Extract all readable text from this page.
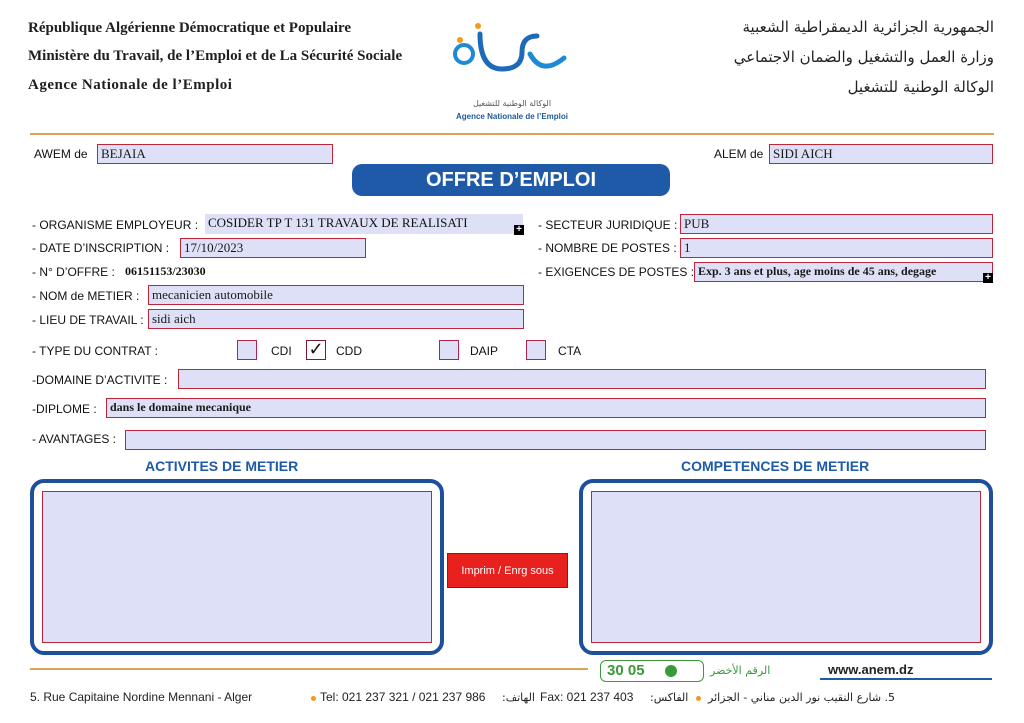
République Algérienne Démocratique et Populaire
Ministère du Travail, de l’Emploi et de La Sécurité Sociale
Agence Nationale de l’Emploi
الجمهورية الجزائرية الديمقراطية الشعبية
وزارة العمل والتشغيل والضمان الاجتماعي
الوكالة الوطنية للتشغيل
الوكالة الوطنية للتشغيل
Agence Nationale de l’Emploi
AWEM de	BEJAIA	ALEM de SIDI AICH
OFFRE D’EMPLOI
- ORGANISME EMPLOYEUR : COSIDER TP T 131 TRAVAUX DE REALISATI	+
- DATE D’INSCRIPTION :	17/10/2023
- N° D’OFFRE : 06151153/23030
- NOM de METIER : mecanicien automobile
- LIEU DE TRAVAIL : sidi aich
- SECTEUR JURIDIQUE : PUB
- NOMBRE DE POSTES : 1
- EXIGENCES DE POSTES : Exp. 3 ans et plus, age moins de 45 ans, degage	+
- TYPE DU CONTRAT :	CDI ✓ CDD	DAIP	CTA
-DOMAINE D’ACTIVITE :
-DIPLOME :	dans le domaine mecanique
- AVANTAGES :
ACTIVITES DE METIER	COMPETENCES DE METIER
Imprim / Enrg sous
30 05	الرقم الأخضر	www.anem.dz
5. Rue Capitaine Nordine Mennani - Alger	Tel: 021 237 321 / 021 237 986 الهاتف: Fax: 021 237 403 الفاكس: 5. شارع النقيب نور الدين مناني - الجزائر
